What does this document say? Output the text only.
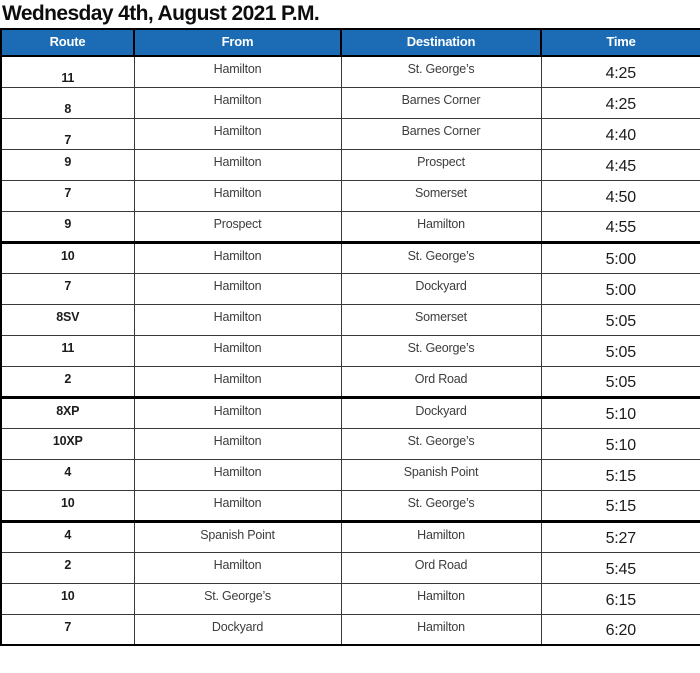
Wednesday 4th, August 2021 P.M.
Route	From	Destination	Time
11	Hamilton	St. George’s	4:25
8	Hamilton	Barnes Corner	4:25
7	Hamilton	Barnes Corner	4:40
9	Hamilton	Prospect	4:45
7	Hamilton	Somerset	4:50
9	Prospect	Hamilton	4:55
10	Hamilton	St. George’s	5:00
7	Hamilton	Dockyard	5:00
8SV	Hamilton	Somerset	5:05
11	Hamilton	St. George’s	5:05
2	Hamilton	Ord Road	5:05
8XP	Hamilton	Dockyard	5:10
10XP	Hamilton	St. George’s	5:10
4	Hamilton	Spanish Point	5:15
10	Hamilton	St. George’s	5:15
4	Spanish Point	Hamilton	5:27
2	Hamilton	Ord Road	5:45
10	St. George’s	Hamilton	6:15
7	Dockyard	Hamilton	6:20
